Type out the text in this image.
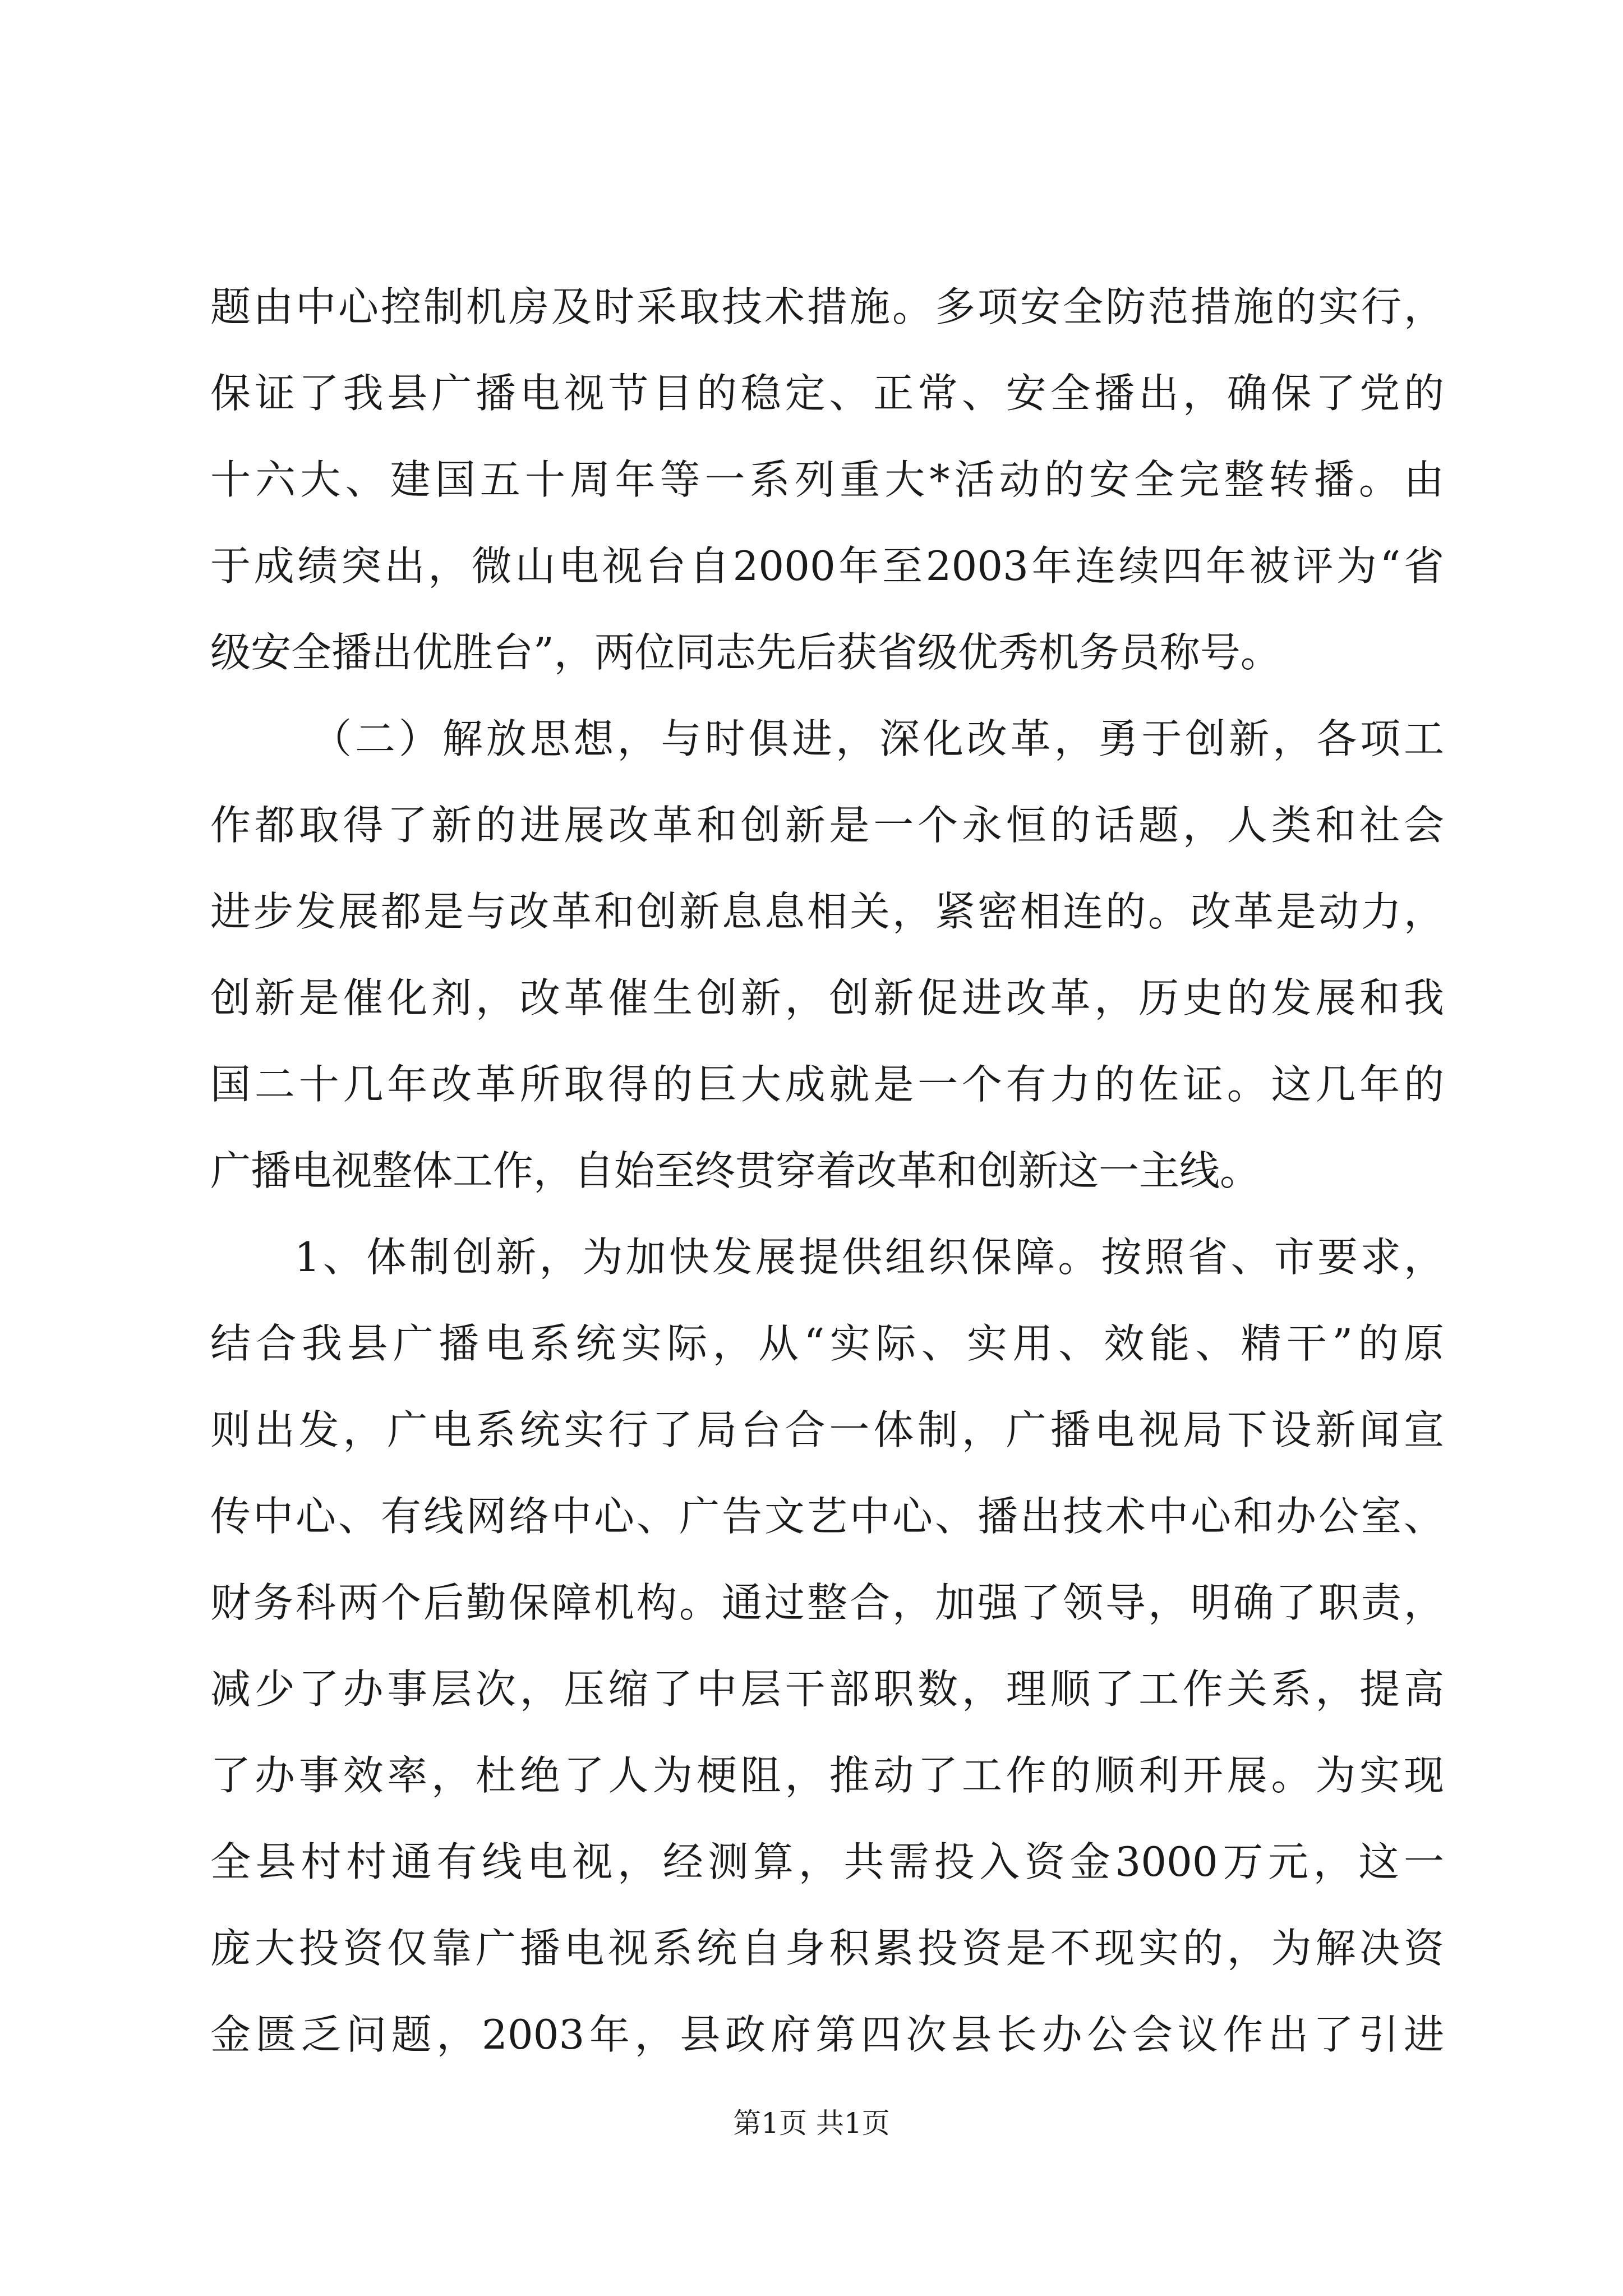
题由中心控制机房及时采取技术措施。多项安全防范措施的实行，
保证了我县广播电视节目的稳定、正常、安全播出，确保了党的
十六大、建国五十周年等一系列重大*活动的安全完整转播。由
于成绩突出，微山电视台自2000年至2003年连续四年被评为“省
级安全播出优胜台”，两位同志先后获省级优秀机务员称号。
（二）解放思想，与时俱进，深化改革，勇于创新，各项工
作都取得了新的进展改革和创新是一个永恒的话题，人类和社会
进步发展都是与改革和创新息息相关，紧密相连的。改革是动力，
创新是催化剂，改革催生创新，创新促进改革，历史的发展和我
国二十几年改革所取得的巨大成就是一个有力的佐证。这几年的
广播电视整体工作，自始至终贯穿着改革和创新这一主线。
1、体制创新，为加快发展提供组织保障。按照省、市要求，
结合我县广播电系统实际，从“实际、实用、效能、精干”的原
则出发，广电系统实行了局台合一体制，广播电视局下设新闻宣
传中心、有线网络中心、广告文艺中心、播出技术中心和办公室、
财务科两个后勤保障机构。通过整合，加强了领导，明确了职责，
减少了办事层次，压缩了中层干部职数，理顺了工作关系，提高
了办事效率，杜绝了人为梗阻，推动了工作的顺利开展。为实现
全县村村通有线电视，经测算，共需投入资金3000万元，这一
庞大投资仅靠广播电视系统自身积累投资是不现实的，为解决资
金匮乏问题，2003年，县政府第四次县长办公会议作出了引进
第1页 共1页
